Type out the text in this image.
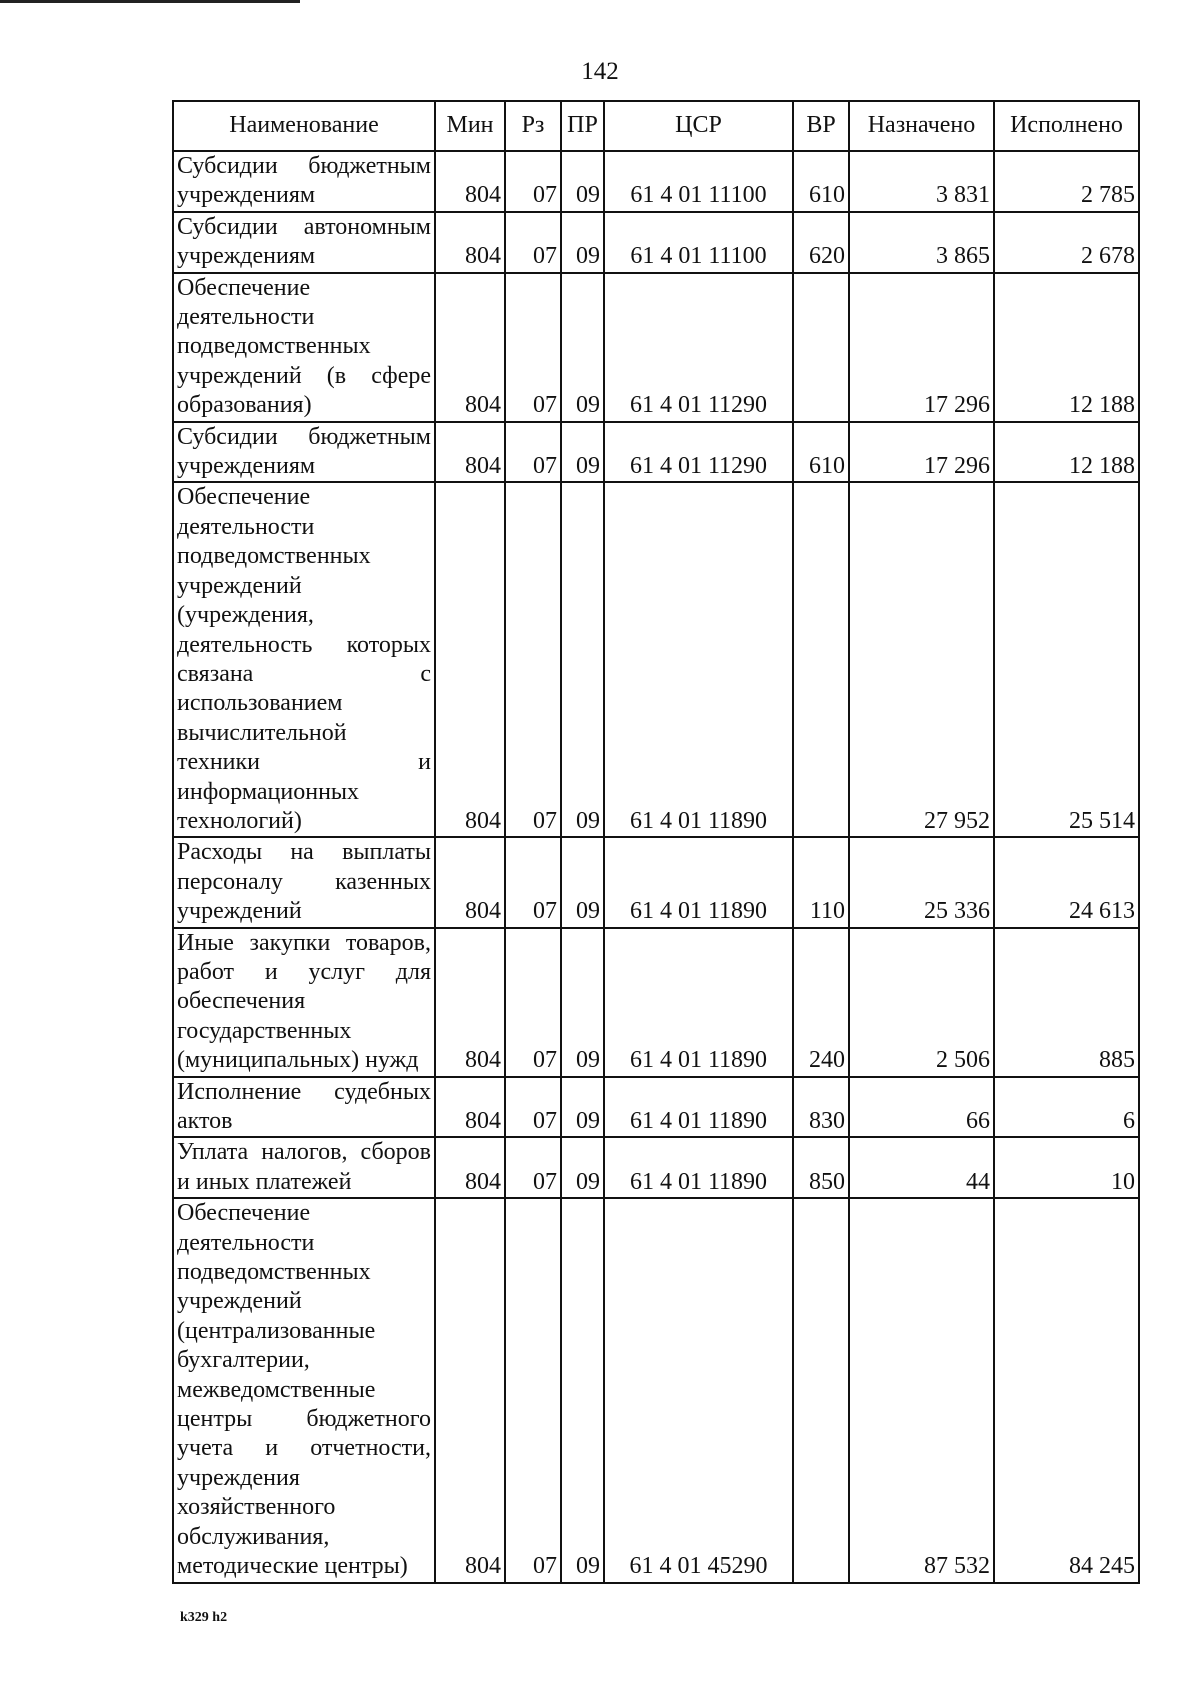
142
Наименование	Мин	Рз	ПР	ЦСР	ВР	Назначено	Исполнено
Субсидии бюджетным учреждениям	804	07	09	61 4 01 11100	610	3 831	2 785
Субсидии автономным учреждениям	804	07	09	61 4 01 11100	620	3 865	2 678
Обеспечение деятельности подведомственных учреждений (в сфере образования)	804	07	09	61 4 01 11290		17 296	12 188
Субсидии бюджетным учреждениям	804	07	09	61 4 01 11290	610	17 296	12 188
Обеспечение деятельности подведомственных учреждений (учреждения, деятельность которых связана с использованием вычислительной техники и информационных технологий)	804	07	09	61 4 01 11890		27 952	25 514
Расходы на выплаты персоналу казенных учреждений	804	07	09	61 4 01 11890	110	25 336	24 613
Иные закупки товаров, работ и услуг для обеспечения государственных (муниципальных) нужд	804	07	09	61 4 01 11890	240	2 506	885
Исполнение судебных актов	804	07	09	61 4 01 11890	830	66	6
Уплата налогов, сборов и иных платежей	804	07	09	61 4 01 11890	850	44	10
Обеспечение деятельности подведомственных учреждений (централизованные бухгалтерии, межведомственные центры бюджетного учета и отчетности, учреждения хозяйственного обслуживания, методические центры)	804	07	09	61 4 01 45290		87 532	84 245
k329 h2
